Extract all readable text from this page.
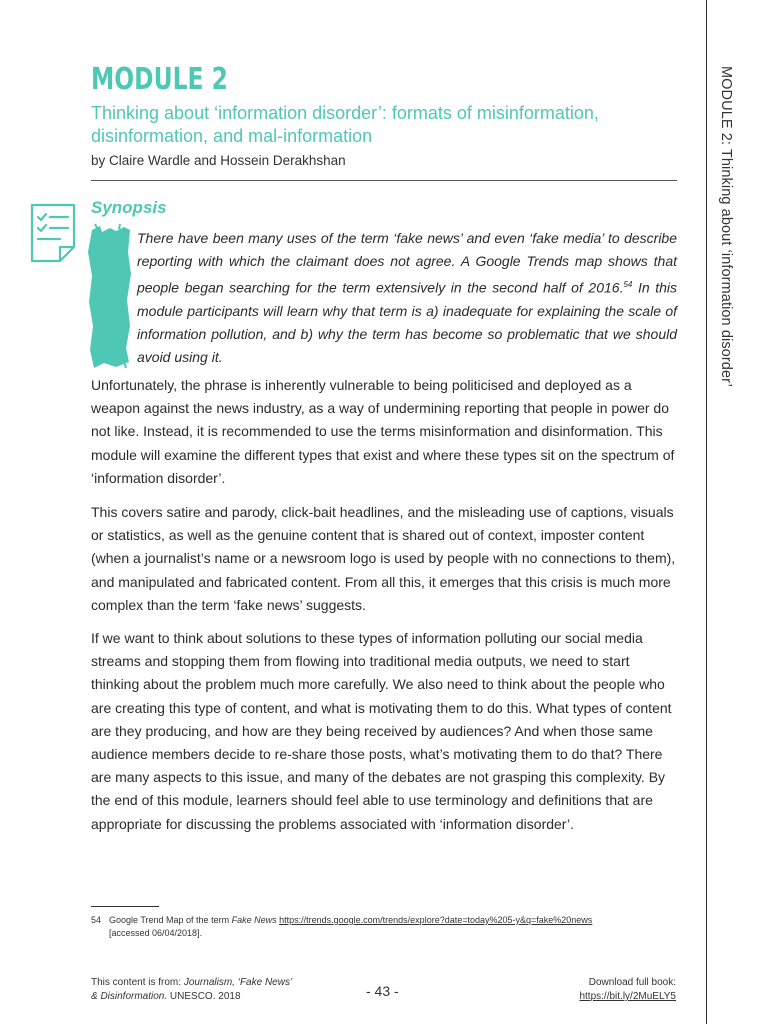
MODULE 2: Thinking about ‘information disorder’
MODULE 2
Thinking about ‘information disorder’: formats of misinformation, disinformation, and mal-information
by Claire Wardle and Hossein Derakhshan
Synopsis
There have been many uses of the term ‘fake news’ and even ‘fake media’ to describe reporting with which the claimant does not agree. A Google Trends map shows that people began searching for the term extensively in the second half of 2016.54 In this module participants will learn why that term is a) inadequate for explaining the scale of information pollution, and b) why the term has become so problematic that we should avoid using it.
Unfortunately, the phrase is inherently vulnerable to being politicised and deployed as a weapon against the news industry, as a way of undermining reporting that people in power do not like. Instead, it is recommended to use the terms misinformation and disinformation. This module will examine the different types that exist and where these types sit on the spectrum of ‘information disorder’.
This covers satire and parody, click-bait headlines, and the misleading use of captions, visuals or statistics, as well as the genuine content that is shared out of context, imposter content (when a journalist’s name or a newsroom logo is used by people with no connections to them), and manipulated and fabricated content. From all this, it emerges that this crisis is much more complex than the term ‘fake news’ suggests.
If we want to think about solutions to these types of information polluting our social media streams and stopping them from flowing into traditional media outputs, we need to start thinking about the problem much more carefully. We also need to think about the people who are creating this type of content, and what is motivating them to do this. What types of content are they producing, and how are they being received by audiences? And when those same audience members decide to re-share those posts, what’s motivating them to do that? There are many aspects to this issue, and many of the debates are not grasping this complexity. By the end of this module, learners should feel able to use terminology and definitions that are appropriate for discussing the problems associated with ‘information disorder’.
54 Google Trend Map of the term Fake News https://trends.google.com/trends/explore?date=today%205-y&q=fake%20news
[accessed 06/04/2018].
This content is from: Journalism, ‘Fake News’
& Disinformation. UNESCO. 2018	- 43 -
Download full book:
https://bit.ly/2MuELY5
